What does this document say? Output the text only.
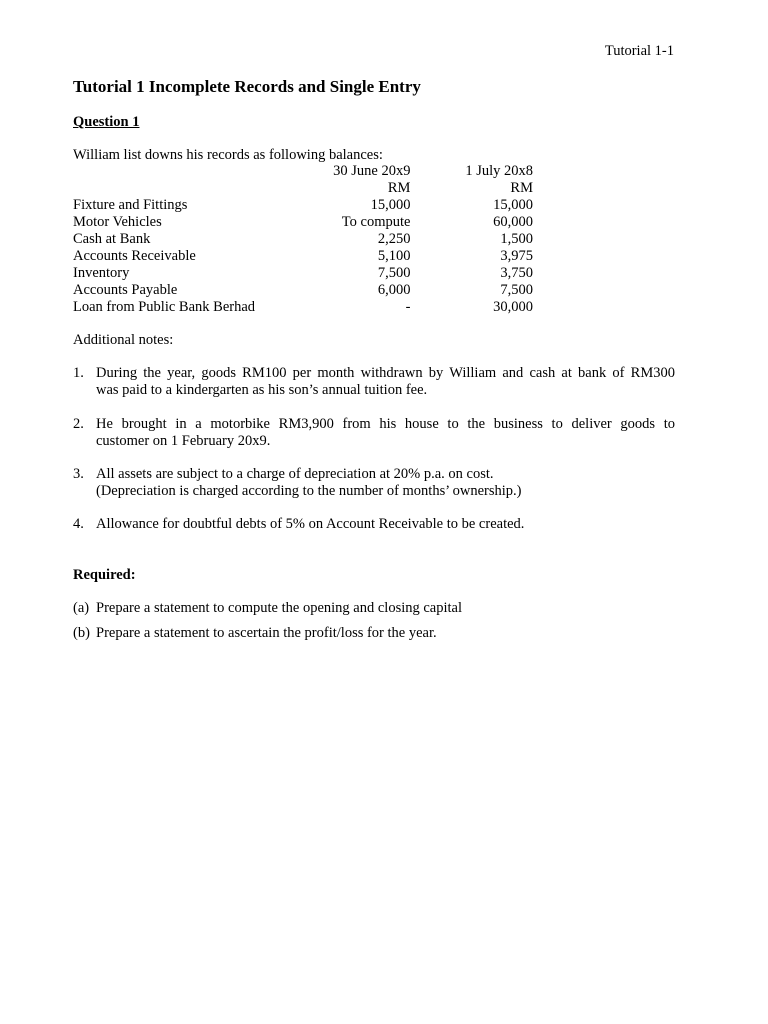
Tutorial 1-1
Tutorial 1 Incomplete Records and Single Entry
Question 1
William list downs his records as following balances:
	30 June 20x9	1 July 20x8
	RM	RM
Fixture and Fittings	15,000	15,000
Motor Vehicles	To compute	60,000
Cash at Bank	2,250	1,500
Accounts Receivable	5,100	3,975
Inventory	7,500	3,750
Accounts Payable	6,000	7,500
Loan from Public Bank Berhad	-	30,000
Additional notes:
1. During the year, goods RM100 per month withdrawn by William and cash at bank of RM300
was paid to a kindergarten as his son’s annual tuition fee.
2. He brought in a motorbike RM3,900 from his house to the business to deliver goods to
customer on 1 February 20x9.
3. All assets are subject to a charge of depreciation at 20% p.a. on cost.
(Depreciation is charged according to the number of months’ ownership.)
4. Allowance for doubtful debts of 5% on Account Receivable to be created.
Required:
(a) Prepare a statement to compute the opening and closing capital
(b) Prepare a statement to ascertain the profit/loss for the year.
